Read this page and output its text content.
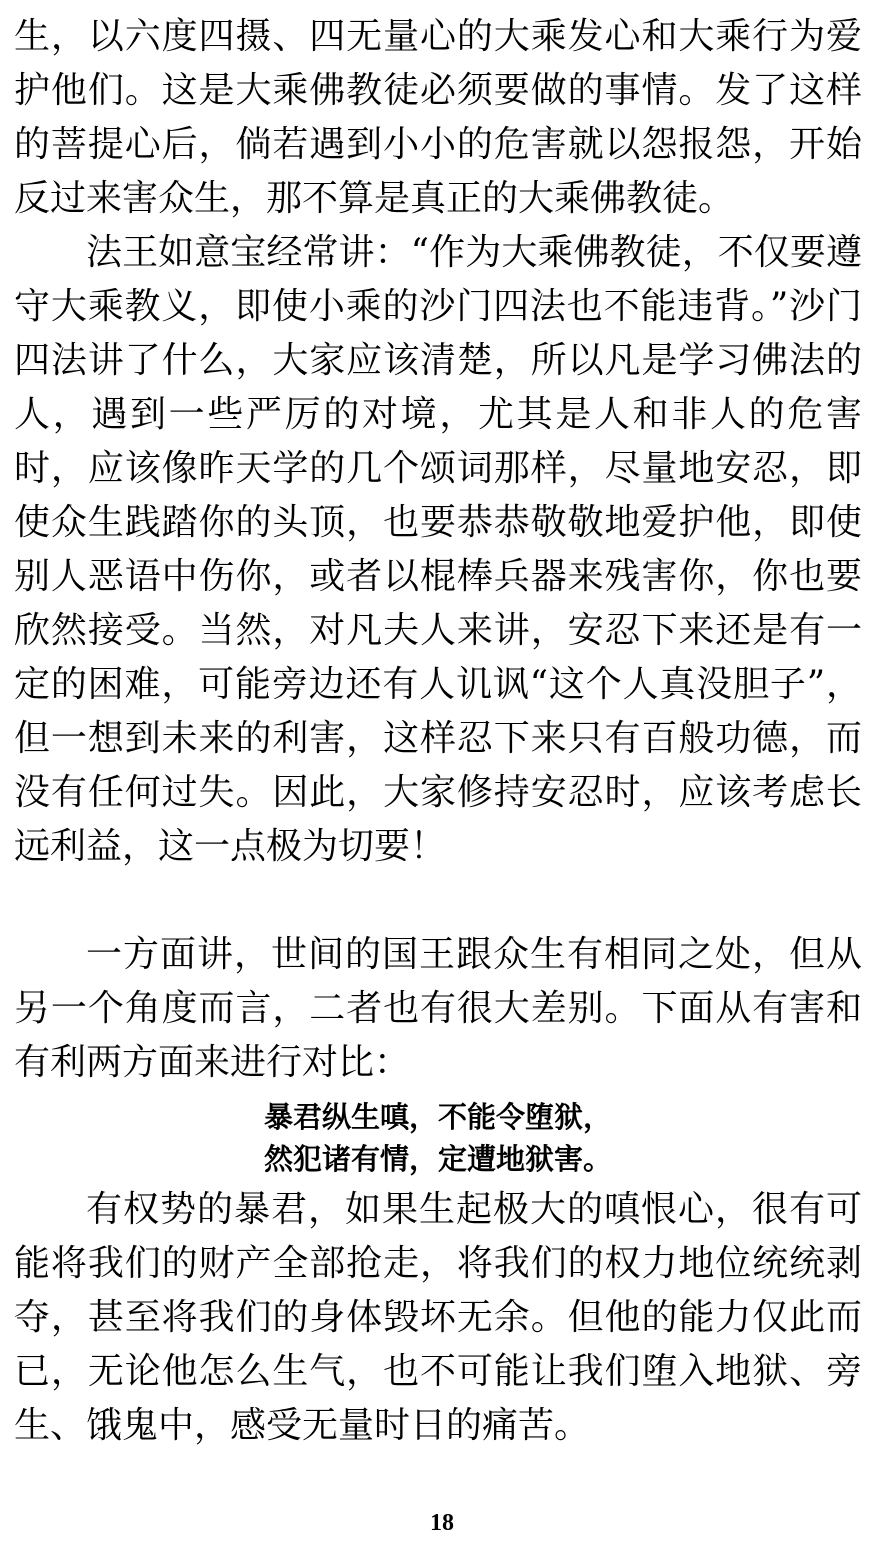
生，以六度四摄、四无量心的大乘发心和大乘行为爱护他们。这是大乘佛教徒必须要做的事情。发了这样的菩提心后，倘若遇到小小的危害就以怨报怨，开始反过来害众生，那不算是真正的大乘佛教徒。

法王如意宝经常讲：“作为大乘佛教徒，不仅要遵守大乘教义，即使小乘的沙门四法也不能违背。”沙门四法讲了什么，大家应该清楚，所以凡是学习佛法的人，遇到一些严厉的对境，尤其是人和非人的危害时，应该像昨天学的几个颂词那样，尽量地安忍，即使众生践踏你的头顶，也要恭恭敬敬地爱护他，即使别人恶语中伤你，或者以棍棒兵器来残害你，你也要欣然接受。当然，对凡夫人来讲，安忍下来还是有一定的困难，可能旁边还有人讥讽“这个人真没胆子”，但一想到未来的利害，这样忍下来只有百般功德，而没有任何过失。因此，大家修持安忍时，应该考虑长远利益，这一点极为切要！

一方面讲，世间的国王跟众生有相同之处，但从另一个角度而言，二者也有很大差别。下面从有害和有利两方面来进行对比：

暴君纵生嗔，不能令堕狱，
然犯诸有情，定遭地狱害。

有权势的暴君，如果生起极大的嗔恨心，很有可能将我们的财产全部抢走，将我们的权力地位统统剥夺，甚至将我们的身体毁坏无余。但他的能力仅此而已，无论他怎么生气，也不可能让我们堕入地狱、旁生、饿鬼中，感受无量时日的痛苦。

18
